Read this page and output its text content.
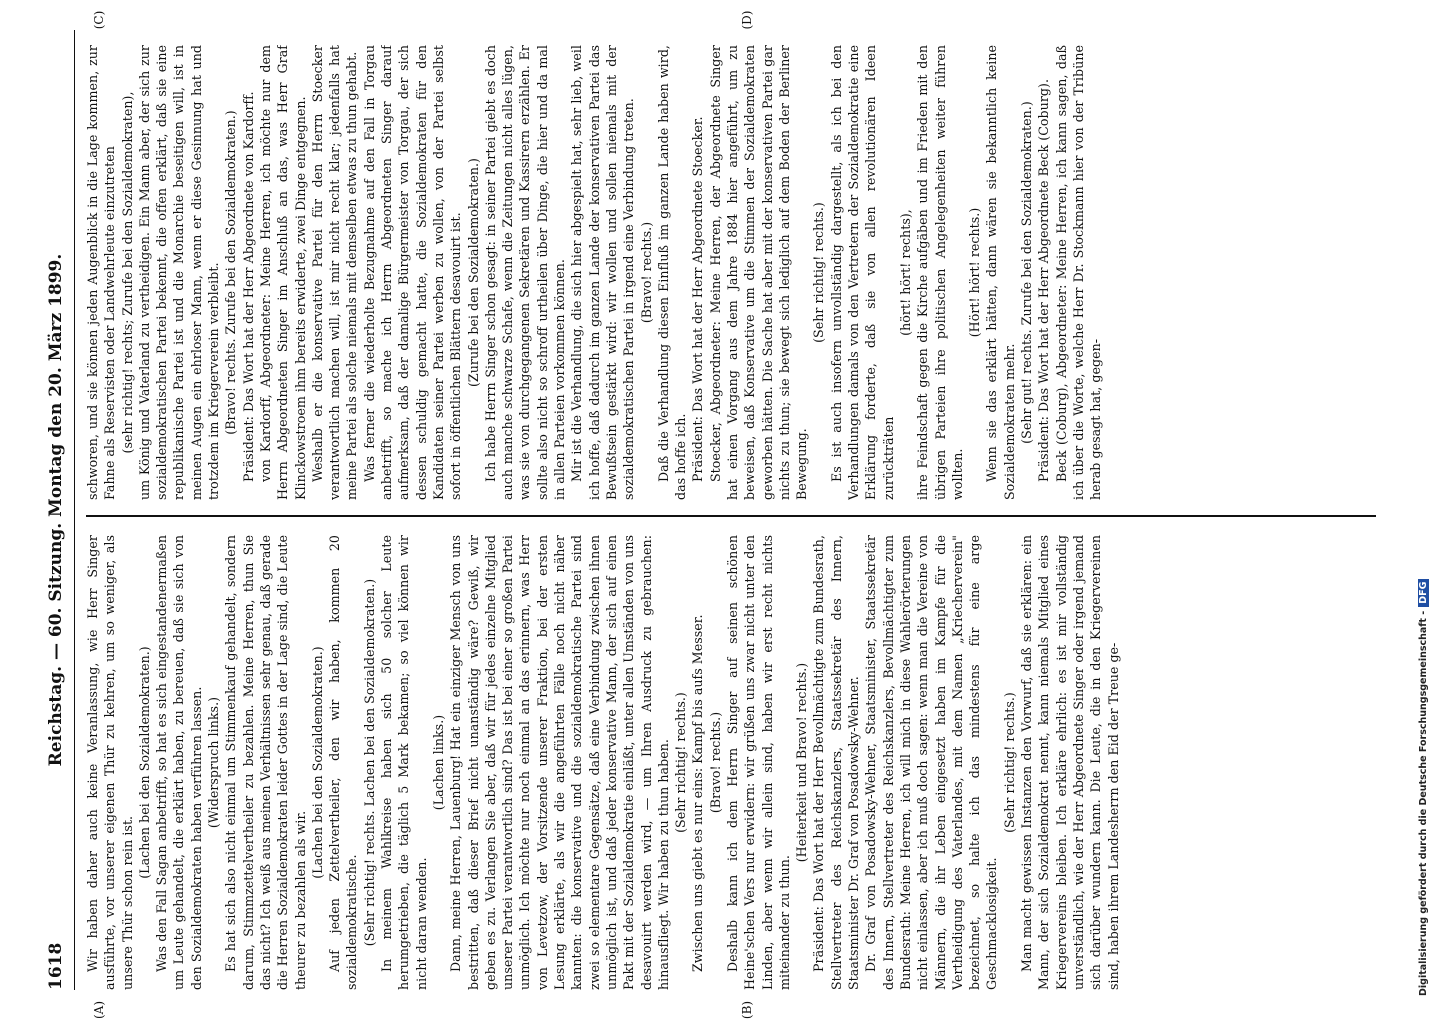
1618
Reichstag. — 60. Sitzung. Montag den 20. März 1899.
(A)	(B)
(C)	(D)

Wir haben daher auch keine Veranlassung, wie Herr Singer ausführte, vor unserer eigenen Thür zu kehren, um so weniger, als unsere Thür schon rein ist.

(Lachen bei den Sozialdemokraten.) Was den Fall Sagan anbetrifft, so hat es sich eingestandenermaßen um Leute gehandelt, die erklärt haben, zu bereuen, daß sie sich von den Sozialdemokraten haben verführen lassen. (Widerspruch links.) Es hat sich also nicht einmal um Stimmenkauf gehandelt, sondern darum, Stimmzettelvertheiler zu bezahlen. Meine Herren, thun Sie das nicht? Ich weiß aus meinen Verhältnissen sehr genau, daß gerade die Herren Sozialdemokraten leider Gottes in der Lage sind, die Leute theurer zu bezahlen als wir.

(Lachen bei den Sozialdemokraten.) Auf jeden Zettelvertheiler, den wir haben, kommen 20 sozialdemokratische. (Sehr richtig! rechts. Lachen bei den Sozialdemokraten.) In meinem Wahlkreise haben sich 50 solcher Leute herumgetrieben, die täglich 5 Mark bekamen; so viel können wir nicht daran wenden.

(Lachen links.) Dann, meine Herren, Lauenburg! Hat ein einziger Mensch von uns bestritten, daß dieser Brief nicht unanständig wäre? Gewiß, wir geben es zu. Verlangen Sie aber, daß wir für jedes einzelne Mitglied unserer Partei verantwortlich sind? Das ist bei einer so großen Partei unmöglich. Ich möchte nur noch einmal an das erinnern, was Herr von Levetzow, der Vorsitzende unserer Fraktion, bei der ersten Lesung erklärte, als wir die angeführten Fälle noch nicht näher kannten: die konservative und die sozialdemokratische Partei sind zwei so elementare Gegensätze, daß eine Verbindung zwischen ihnen unmöglich ist, und daß jeder konservative Mann, der sich auf einen Pakt mit der Sozialdemokratie einläßt, unter allen Umständen von uns desavouirt werden wird, — um Ihren Ausdruck zu gebrauchen: hinausfliegt. Wir haben zu thun haben. (Sehr richtig! rechts.) Zwischen uns giebt es nur eins: Kampf bis aufs Messer. (Bravo! rechts.) Deshalb kann ich dem Herrn Singer auf seinen schönen Heine'schen Vers nur erwidern: wir grüßen uns zwar nicht unter den Linden, aber wenn wir allein sind, haben wir erst recht nichts miteinander zu thun.

(Heiterkeit und Bravo! rechts.) Präsident: Das Wort hat der Herr Bevollmächtigte zum Bundesrath, Stellvertreter des Reichskanzlers, Staatssekretär des Innern, Staatsminister Dr. Graf von Posadowsky-Wehner. Dr. Graf von Posadowsky-Wehner, Staatsminister, Staatssekretär des Innern, Stellvertreter des Reichskanzlers, Bevollmächtigter zum Bundesrath: Meine Herren, ich will mich in diese Wahlerörterungen nicht einlassen, aber ich muß doch sagen: wenn man die Vereine von Männern, die ihr Leben eingesetzt haben im Kampfe für die Vertheidigung des Vaterlandes, mit dem Namen „Kriecherverein" bezeichnet, so halte ich das mindestens für eine arge Geschmacklosigkeit.

(Sehr richtig! rechts.) Man macht gewissen Instanzen den Vorwurf, daß sie erklären: ein Mann, der sich Sozialdemokrat nennt, kann niemals Mitglied eines Kriegervereins bleiben. Ich erkläre ehrlich: es ist mir vollständig unverständlich, wie der Herr Abgeordnete Singer oder irgend jemand sich darüber wundern kann. Die Leute, die in den Kriegervereinen sind, haben ihrem Landesherrn den Eid der Treue ge-

schworen, und sie können jeden Augenblick in die Lage kommen, zur Fahne als Reservisten oder Landwehrleute einzutreten (sehr richtig! rechts; Zurufe bei den Sozialdemokraten), um König und Vaterland zu vertheidigen. Ein Mann aber, der sich zur sozialdemokratischen Partei bekennt, die offen erklärt, daß sie eine republikanische Partei ist und die Monarchie beseitigen will, ist in meinen Augen ein ehrloser Mann, wenn er diese Gesinnung hat und trotzdem im Kriegerverein verbleibt. (Bravo! rechts. Zurufe bei den Sozialdemokraten.) Präsident: Das Wort hat der Herr Abgeordnete von Kardorff. von Kardorff, Abgeordneter: Meine Herren, ich möchte nur dem Herrn Abgeordneten Singer im Anschluß an das, was Herr Graf Klinckowstroem ihm bereits erwiderte, zwei Dinge entgegnen. Weshalb er die konservative Partei für den Herrn Stoecker verantwortlich machen will, ist mir nicht recht klar; jedenfalls hat meine Partei als solche niemals mit demselben etwas zu thun gehabt. Was ferner die wiederholte Bezugnahme auf den Fall in Torgau anbetrifft, so mache ich Herrn Abgeordneten Singer darauf aufmerksam, daß der damalige Bürgermeister von Torgau, der sich dessen schuldig gemacht hatte, die Sozialdemokraten für den Kandidaten seiner Partei werben zu wollen, von der Partei selbst sofort in öffentlichen Blättern desavouirt ist. (Zurufe bei den Sozialdemokraten.) Ich habe Herrn Singer schon gesagt: in seiner Partei giebt es doch auch manche schwarze Schafe, wenn die Zeitungen nicht alles lügen, was sie von durchgegangenen Sekretären und Kassirern erzählen. Er sollte also nicht so schroff urtheilen über Dinge, die hier und da mal in allen Parteien vorkommen können. Mir ist die Verhandlung, die sich hier abgespielt hat, sehr lieb, weil ich hoffe, daß dadurch im ganzen Lande der konservativen Partei das Bewußtsein gestärkt wird: wir wollen und sollen niemals mit der sozialdemokratischen Partei in irgend eine Verbindung treten. (Bravo! rechts.) Daß die Verhandlung diesen Einfluß im ganzen Lande haben wird, das hoffe ich. Präsident: Das Wort hat der Herr Abgeordnete Stoecker. Stoecker, Abgeordneter: Meine Herren, der Abgeordnete Singer hat einen Vorgang aus dem Jahre 1884 hier angeführt, um zu beweisen, daß Konservative um die Stimmen der Sozialdemokraten geworben hätten. Die Sache hat aber mit der konservativen Partei gar nichts zu thun; sie bewegt sich lediglich auf dem Boden der Berliner Bewegung.

(Sehr richtig! rechts.) Es ist auch insofern unvollständig dargestellt, als ich bei den Verhandlungen damals von den Vertretern der Sozialdemokratie eine Erklärung forderte, daß sie von allen revolutionären Ideen zurückträten

(hört! hört! rechts), ihre Feindschaft gegen die Kirche aufgäben und im Frieden mit den übrigen Parteien ihre politischen Angelegenheiten weiter führen wollten.

(Hört! hört! rechts.) Wenn sie das erklärt hätten, dann wären sie bekanntlich keine Sozialdemokraten mehr. (Sehr gut! rechts. Zurufe bei den Sozialdemokraten.) Präsident: Das Wort hat der Herr Abgeordnete Beck (Coburg). Beck (Coburg), Abgeordneter: Meine Herren, ich kann sagen, daß ich über die Worte, welche Herr Dr. Stockmann hier von der Tribüne herab gesagt hat, gegen-

Digitalisierung gefördert durch die Deutsche Forschungsgemeinschaft -DFG
